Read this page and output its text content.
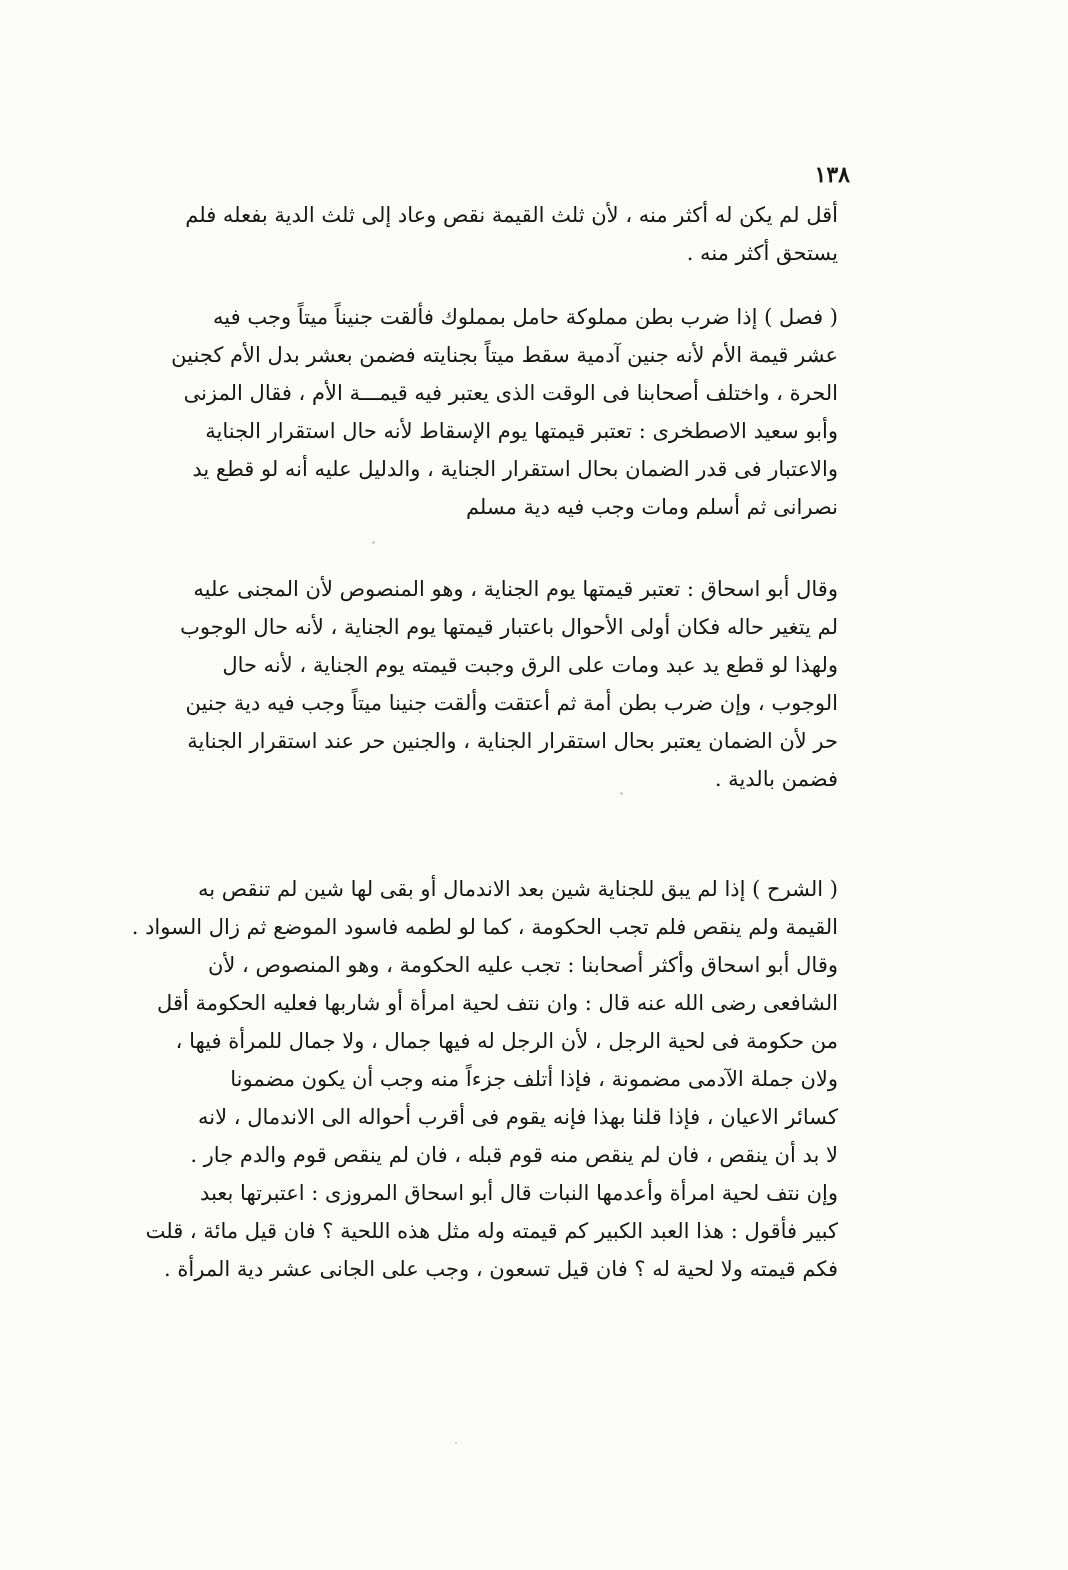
١٣٨
أقل لم يكن له أكثر منه ، لأن ثلث القيمة نقص وعاد إلى ثلث الدية بفعله فلم
يستحق أكثر منه .
( فصل ) إذا ضرب بطن مملوكة حامل بمملوك فألقت جنيناً ميتاً وجب فيه
عشر قيمة الأم لأنه جنين آدمية سقط ميتاً بجنايته فضمن بعشر بدل الأم كجنين
الحرة ، واختلف أصحابنا فى الوقت الذى يعتبر فيه قيمـــة الأم ، فقال المزنى
وأبو سعيد الاصطخرى : تعتبر قيمتها يوم الإسقاط لأنه حال استقرار الجناية
والاعتبار فى قدر الضمان بحال استقرار الجناية ، والدليل عليه أنه لو قطع يد
نصرانى ثم أسلم ومات وجب فيه دية مسلم
وقال أبو اسحاق : تعتبر قيمتها يوم الجناية ، وهو المنصوص لأن المجنى عليه
لم يتغير حاله فكان أولى الأحوال باعتبار قيمتها يوم الجناية ، لأنه حال الوجوب
ولهذا لو قطع يد عبد ومات على الرق وجبت قيمته يوم الجناية ، لأنه حال
الوجوب ، وإن ضرب بطن أمة ثم أعتقت وألقت جنينا ميتاً وجب فيه دية جنين
حر لأن الضمان يعتبر بحال استقرار الجناية ، والجنين حر عند استقرار الجناية
فضمن بالدية .
( الشرح ) إذا لم يبق للجناية شين بعد الاندمال أو بقى لها شين لم تنقص به
القيمة ولم ينقص فلم تجب الحكومة ، كما لو لطمه فاسود الموضع ثم زال السواد .
وقال أبو اسحاق وأكثر أصحابنا : تجب عليه الحكومة ، وهو المنصوص ، لأن
الشافعى رضى الله عنه قال : وان نتف لحية امرأة أو شاربها فعليه الحكومة أقل
من حكومة فى لحية الرجل ، لأن الرجل له فيها جمال ، ولا جمال للمرأة فيها ،
ولان جملة الآدمى مضمونة ، فإذا أتلف جزءاً منه وجب أن يكون مضمونا
كسائر الاعيان ، فإذا قلنا بهذا فإنه يقوم فى أقرب أحواله الى الاندمال ، لانه
لا بد أن ينقص ، فان لم ينقص منه قوم قبله ، فان لم ينقص قوم والدم جار .
وإن نتف لحية امرأة وأعدمها النبات قال أبو اسحاق المروزى : اعتبرتها بعبد
كبير فأقول : هذا العبد الكبير كم قيمته وله مثل هذه اللحية ؟ فان قيل مائة ، قلت
فكم قيمته ولا لحية له ؟ فان قيل تسعون ، وجب على الجانى عشر دية المرأة .
